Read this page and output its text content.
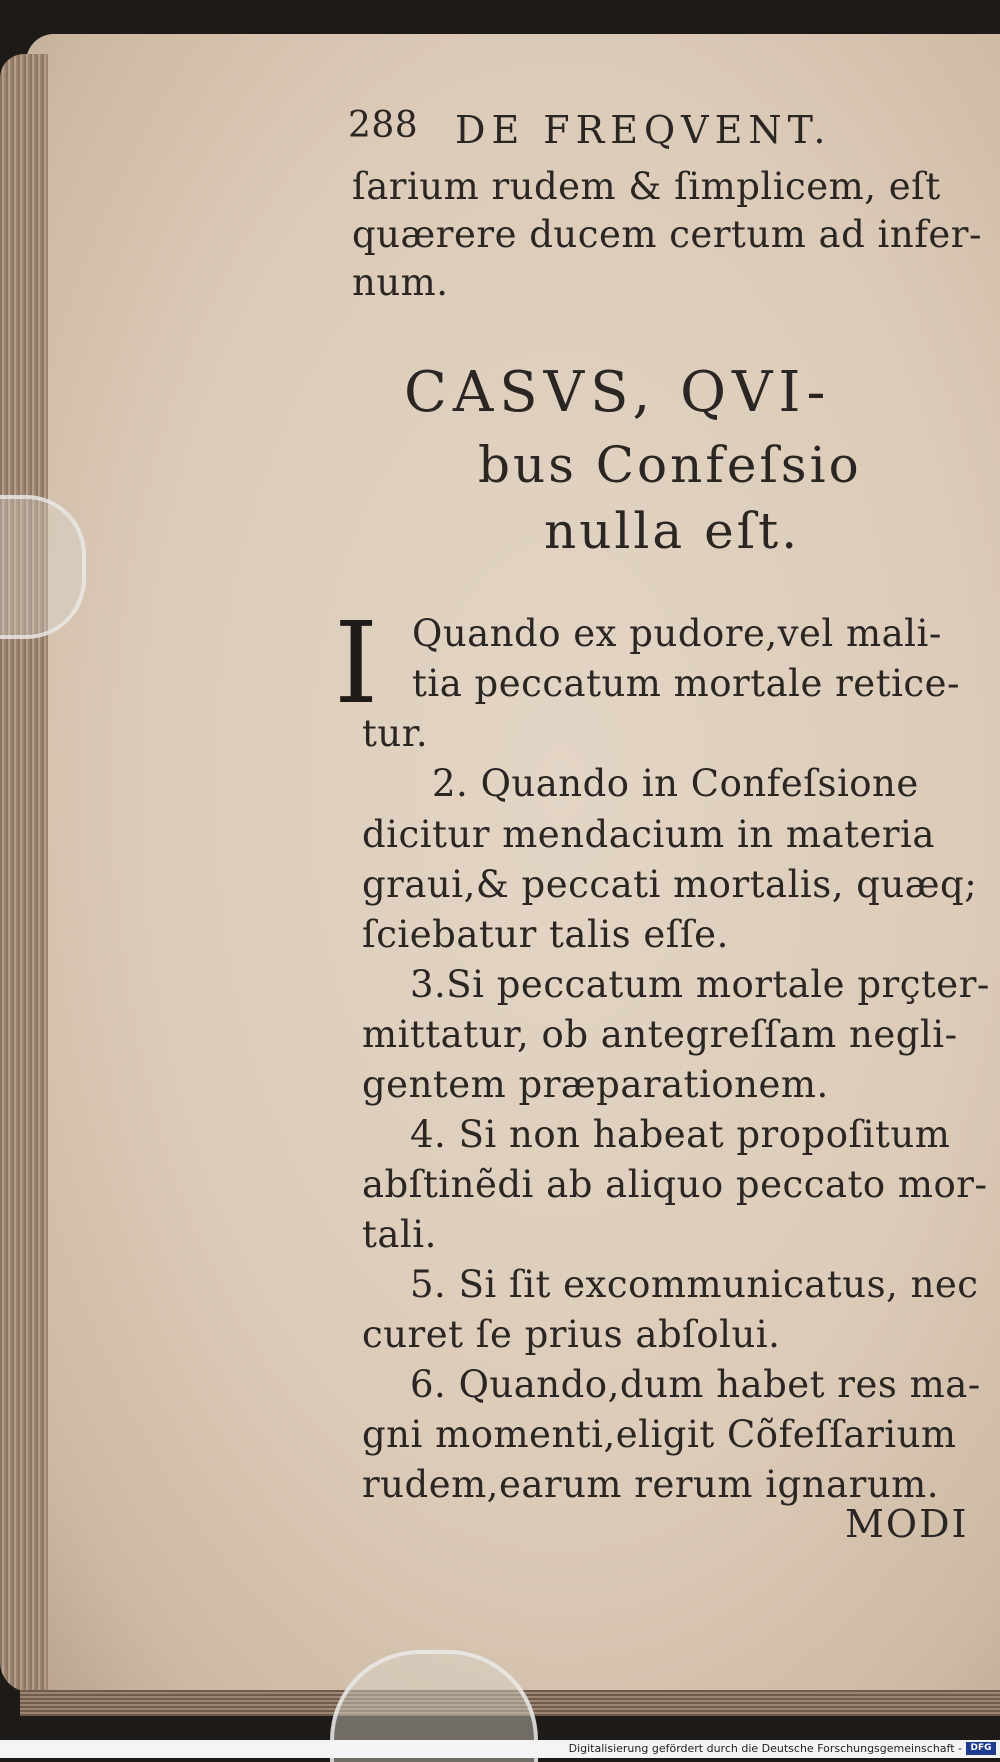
288 DE FREQVENT.
ſarium rudem & ſimplicem, eſt
quærere ducem certum ad infer-
num.
CASVS, QVI-
bus Confeſsio
nulla eſt.
I Quando ex pudore,vel mali-
tia peccatum mortale retice-
tur.
2. Quando in Confeſsione
dicitur mendacium in materia
graui,& peccati mortalis, quæq;
ſciebatur talis eſſe.
3.Si peccatum mortale prçter-
mittatur, ob antegreſſam negli-
gentem præparationem.
4. Si non habeat propoſitum
abſtinẽdi ab aliquo peccato mor-
tali.
5. Si ſit excommunicatus, nec
curet ſe prius abſolui.
6. Quando,dum habet res ma-
gni momenti,eligit Cõfeſſarium
rudem,earum rerum ignarum.
MODI
Digitalisierung gefördert durch die Deutsche Forschungsgemeinschaft - DFG
